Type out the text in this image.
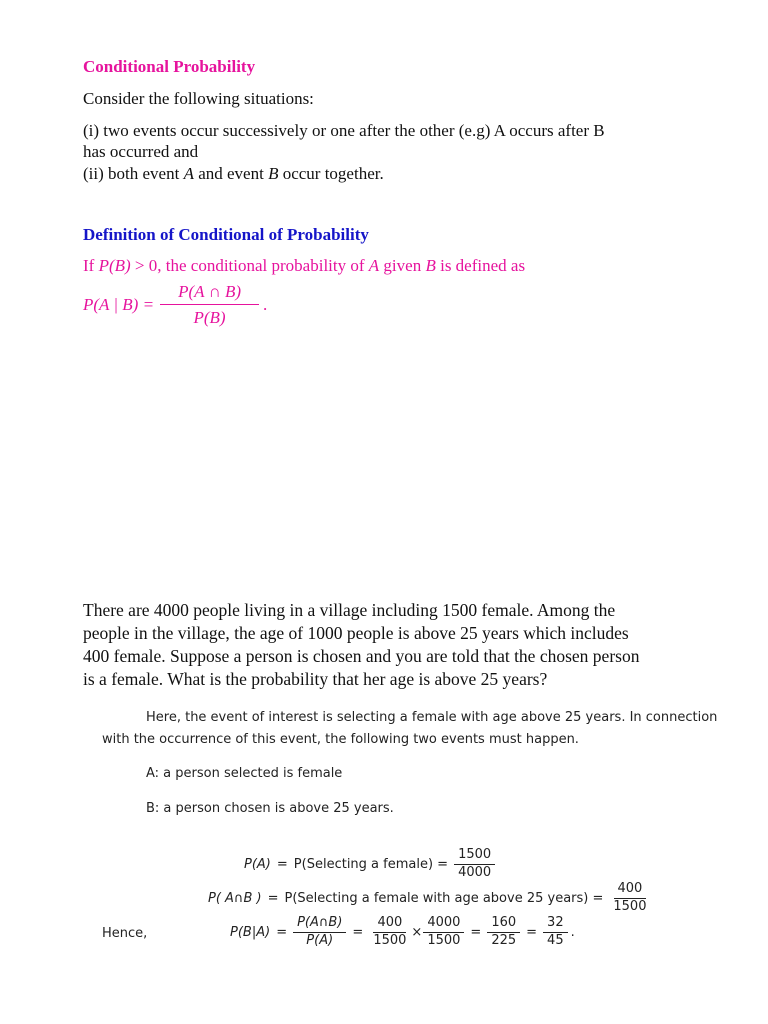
Conditional Probability
Consider the following situations:
(i) two events occur successively or one after the other (e.g) A occurs after B
has occurred and
(ii) both event A and event B occur together.
Definition of Conditional of Probability
If P(B) > 0, the conditional probability of A given B is defined as
P(A | $B) = \frac{P(A \cap B)}{P(B)}$ .
There are 4000 people living in a village including 1500 female. Among the
people in the village, the age of 1000 people is above 25 years which includes
400 female. Suppose a person is chosen and you are told that the chosen person
is a female. What is the probability that her age is above 25 years?
Here, the event of interest is selecting a female with age above 25 years. In connection
with the occurrence of this event, the following two events must happen.
A: a person selected is female
B: a person chosen is above 25 years.
P(A) = P(Selecting a female) = $\frac{1500}{4000}$
P( A∩B ) = P(Selecting a female with age above 25 years) = $\frac{400}{1500}$
Hence,	$P(B|A) = \frac{P(A\cap B)}{P(A)} = \frac{400}{1500} \times \frac{4000}{1500} = \frac{160}{225} = \frac{32}{45}$ .
